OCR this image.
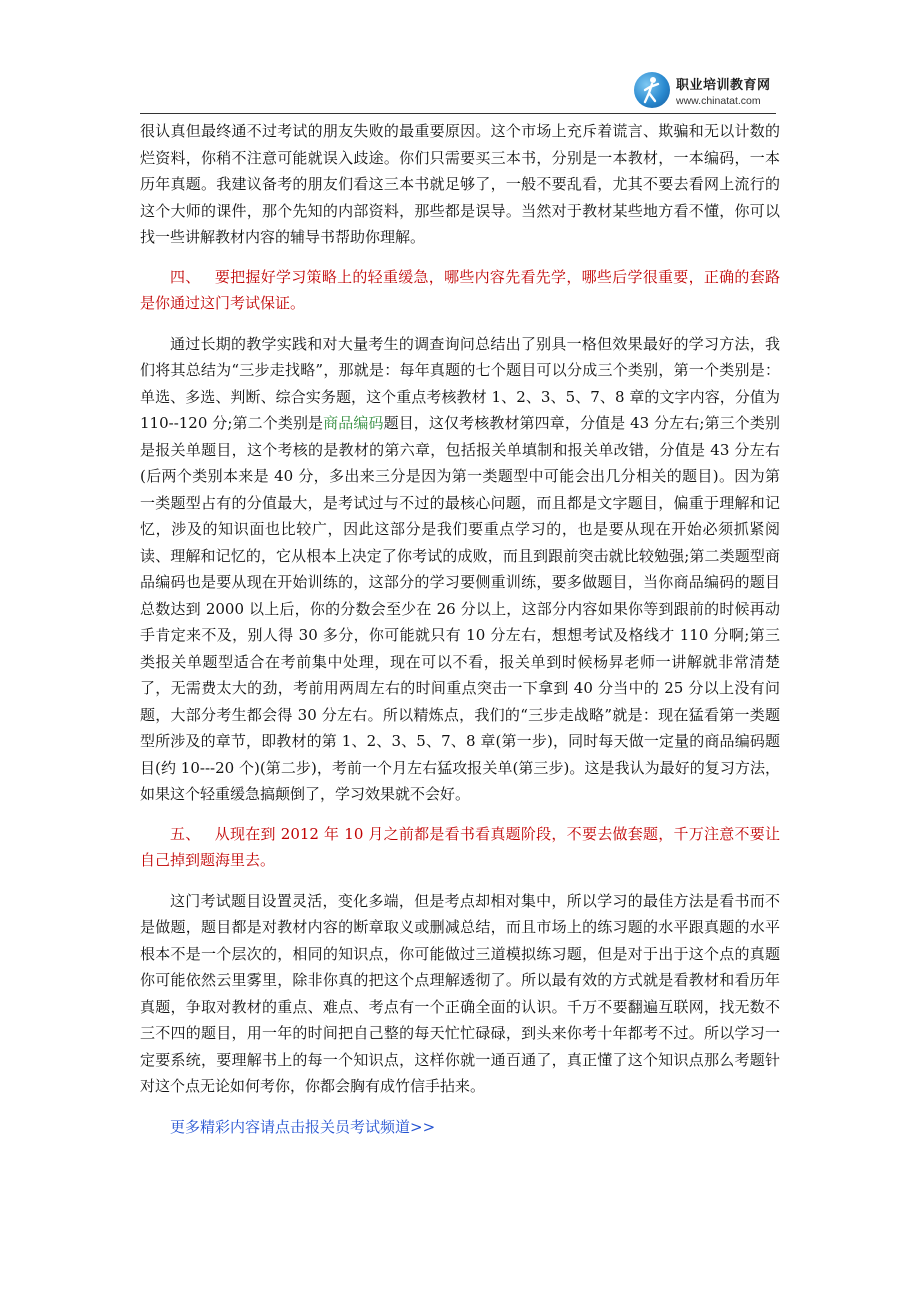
职业培训教育网
www.chinatat.com

很认真但最终通不过考试的朋友失败的最重要原因。这个市场上充斥着谎言、欺骗和无以计数的烂资料，你稍不注意可能就误入歧途。你们只需要买三本书，分别是一本教材，一本编码，一本历年真题。我建议备考的朋友们看这三本书就足够了，一般不要乱看，尤其不要去看网上流行的这个大师的课件，那个先知的内部资料，那些都是误导。当然对于教材某些地方看不懂，你可以找一些讲解教材内容的辅导书帮助你理解。

四、 要把握好学习策略上的轻重缓急，哪些内容先看先学，哪些后学很重要，正确的套路是你通过这门考试保证。

通过长期的教学实践和对大量考生的调查询问总结出了别具一格但效果最好的学习方法，我们将其总结为“三步走找略”，那就是：每年真题的七个题目可以分成三个类别，第一个类别是：单选、多选、判断、综合实务题，这个重点考核教材 1、2、3、5、7、8 章的文字内容，分值为 110--120 分;第二个类别是商品编码题目，这仅考核教材第四章，分值是 43 分左右;第三个类别是报关单题目，这个考核的是教材的第六章，包括报关单填制和报关单改错，分值是 43 分左右(后两个类别本来是 40 分，多出来三分是因为第一类题型中可能会出几分相关的题目)。因为第一类题型占有的分值最大，是考试过与不过的最核心问题，而且都是文字题目，偏重于理解和记忆，涉及的知识面也比较广，因此这部分是我们要重点学习的，也是要从现在开始必须抓紧阅读、理解和记忆的，它从根本上决定了你考试的成败，而且到跟前突击就比较勉强;第二类题型商品编码也是要从现在开始训练的，这部分的学习要侧重训练，要多做题目，当你商品编码的题目总数达到 2000 以上后，你的分数会至少在 26 分以上，这部分内容如果你等到跟前的时候再动手肯定来不及，别人得 30 多分，你可能就只有 10 分左右，想想考试及格线才 110 分啊;第三类报关单题型适合在考前集中处理，现在可以不看，报关单到时候杨昇老师一讲解就非常清楚了，无需费太大的劲，考前用两周左右的时间重点突击一下拿到 40 分当中的 25 分以上没有问题，大部分考生都会得 30 分左右。所以精炼点，我们的“三步走战略”就是：现在猛看第一类题型所涉及的章节，即教材的第 1、2、3、5、7、8 章(第一步)，同时每天做一定量的商品编码题目(约 10---20 个)(第二步)，考前一个月左右猛攻报关单(第三步)。这是我认为最好的复习方法，如果这个轻重缓急搞颠倒了，学习效果就不会好。

五、 从现在到 2012 年 10 月之前都是看书看真题阶段，不要去做套题，千万注意不要让自己掉到题海里去。

这门考试题目设置灵活，变化多端，但是考点却相对集中，所以学习的最佳方法是看书而不是做题，题目都是对教材内容的断章取义或删减总结，而且市场上的练习题的水平跟真题的水平根本不是一个层次的，相同的知识点，你可能做过三道模拟练习题，但是对于出于这个点的真题你可能依然云里雾里，除非你真的把这个点理解透彻了。所以最有效的方式就是看教材和看历年真题，争取对教材的重点、难点、考点有一个正确全面的认识。千万不要翻遍互联网，找无数不三不四的题目，用一年的时间把自己整的每天忙忙碌碌，到头来你考十年都考不过。所以学习一定要系统，要理解书上的每一个知识点，这样你就一通百通了，真正懂了这个知识点那么考题针对这个点无论如何考你，你都会胸有成竹信手拈来。

更多精彩内容请点击报关员考试频道>>
